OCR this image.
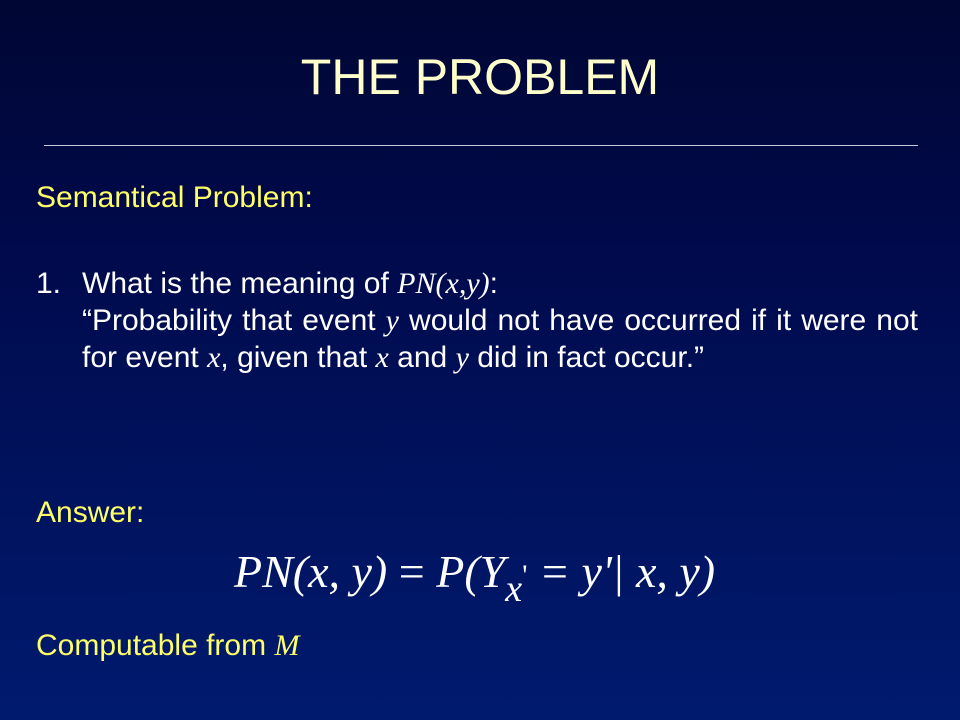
THE PROBLEM
Semantical Problem:
1. What is the meaning of PN(x,y):
“Probability that event y would not have occurred if it were not for event x, given that x and y did in fact occur.”
Answer:
PN(x, y) = P(Yx' = y'| x, y)
Computable from M
